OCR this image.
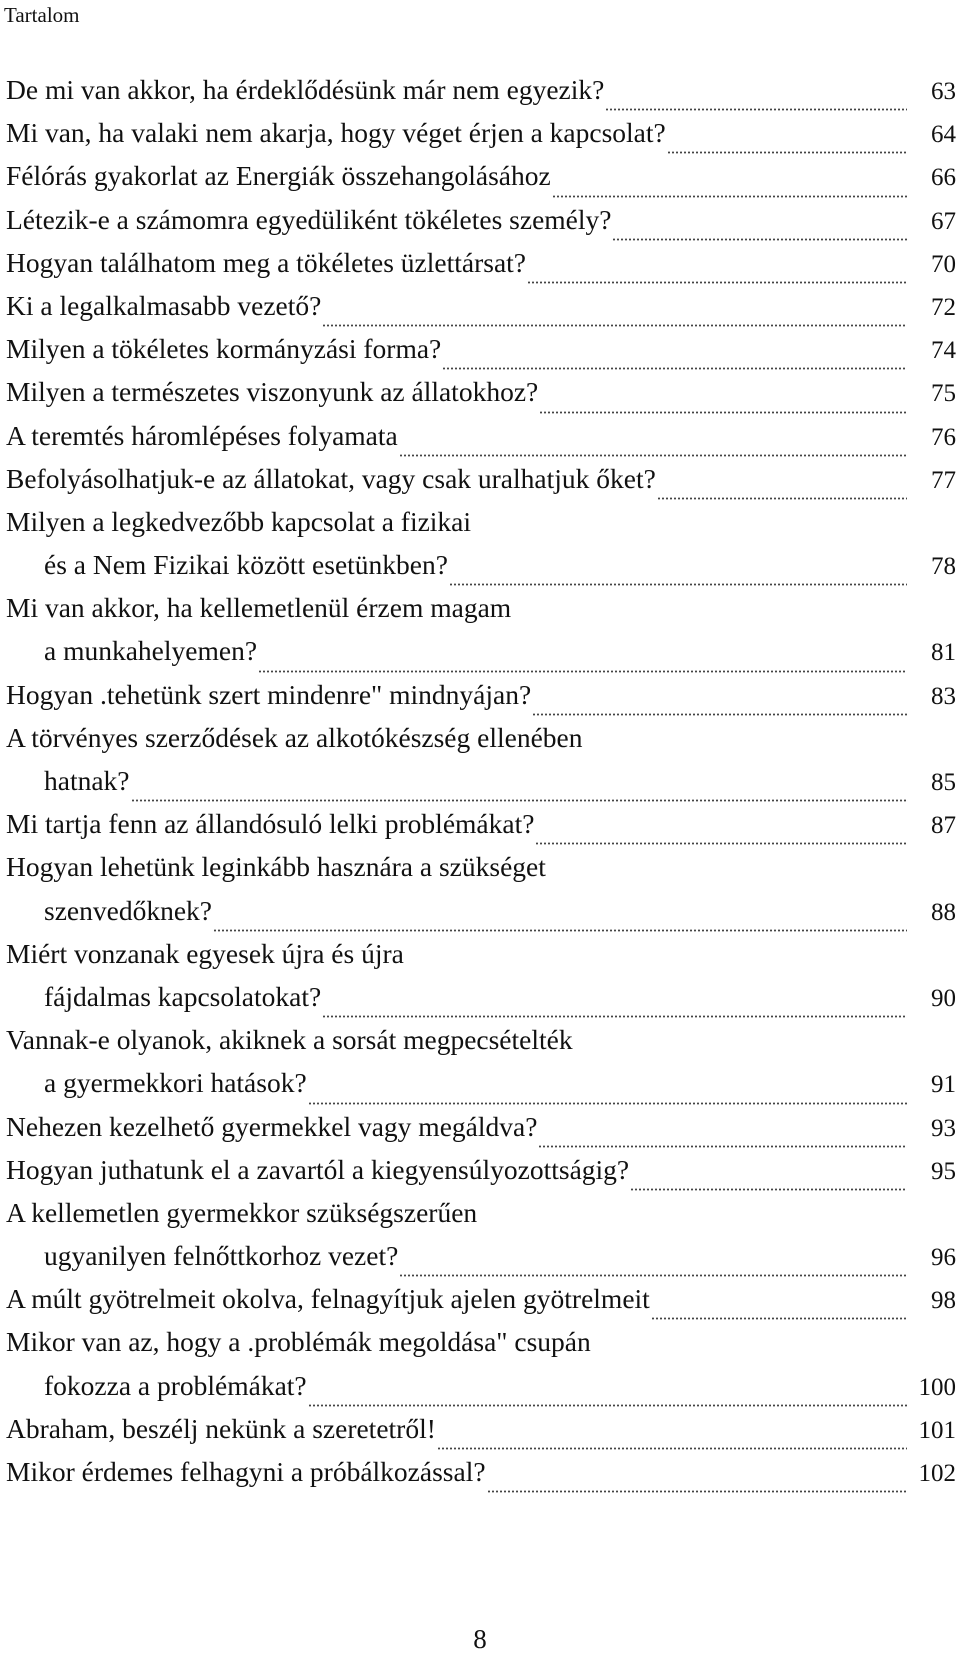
Tartalom
De mi van akkor, ha érdeklődésünk már nem egyezik?	63
Mi van, ha valaki nem akarja, hogy véget érjen a kapcsolat?	64
Félórás gyakorlat az Energiák összehangolásához	66
Létezik-e a számomra egyedüliként tökéletes személy?	67
Hogyan találhatom meg a tökéletes üzlettársat?	70
Ki a legalkalmasabb vezető?	72
Milyen a tökéletes kormányzási forma?	74
Milyen a természetes viszonyunk az állatokhoz?	75
A teremtés háromlépéses folyamata	76
Befolyásolhatjuk-e az állatokat, vagy csak uralhatjuk őket?	77
Milyen a legkedvezőbb kapcsolat a fizikai
és a Nem Fizikai között esetünkben?	78
Mi van akkor, ha kellemetlenül érzem magam
a munkahelyemen?	81
Hogyan .tehetünk szert mindenre" mindnyájan?	83
A törvényes szerződések az alkotókészség ellenében
hatnak?	85
Mi tartja fenn az állandósuló lelki problémákat?	87
Hogyan lehetünk leginkább hasznára a szükséget
szenvedőknek?	88
Miért vonzanak egyesek újra és újra
fájdalmas kapcsolatokat?	90
Vannak-e olyanok, akiknek a sorsát megpecsételték
a gyermekkori hatások?	91
Nehezen kezelhető gyermekkel vagy megáldva?	93
Hogyan juthatunk el a zavartól a kiegyensúlyozottságig?	95
A kellemetlen gyermekkor szükségszerűen
ugyanilyen felnőttkorhoz vezet?	96
A múlt gyötrelmeit okolva, felnagyítjuk ajelen gyötrelmeit	98
Mikor van az, hogy a .problémák megoldása" csupán
fokozza a problémákat?	100
Abraham, beszélj nekünk a szeretetről!	101
Mikor érdemes felhagyni a próbálkozással?	102
8
